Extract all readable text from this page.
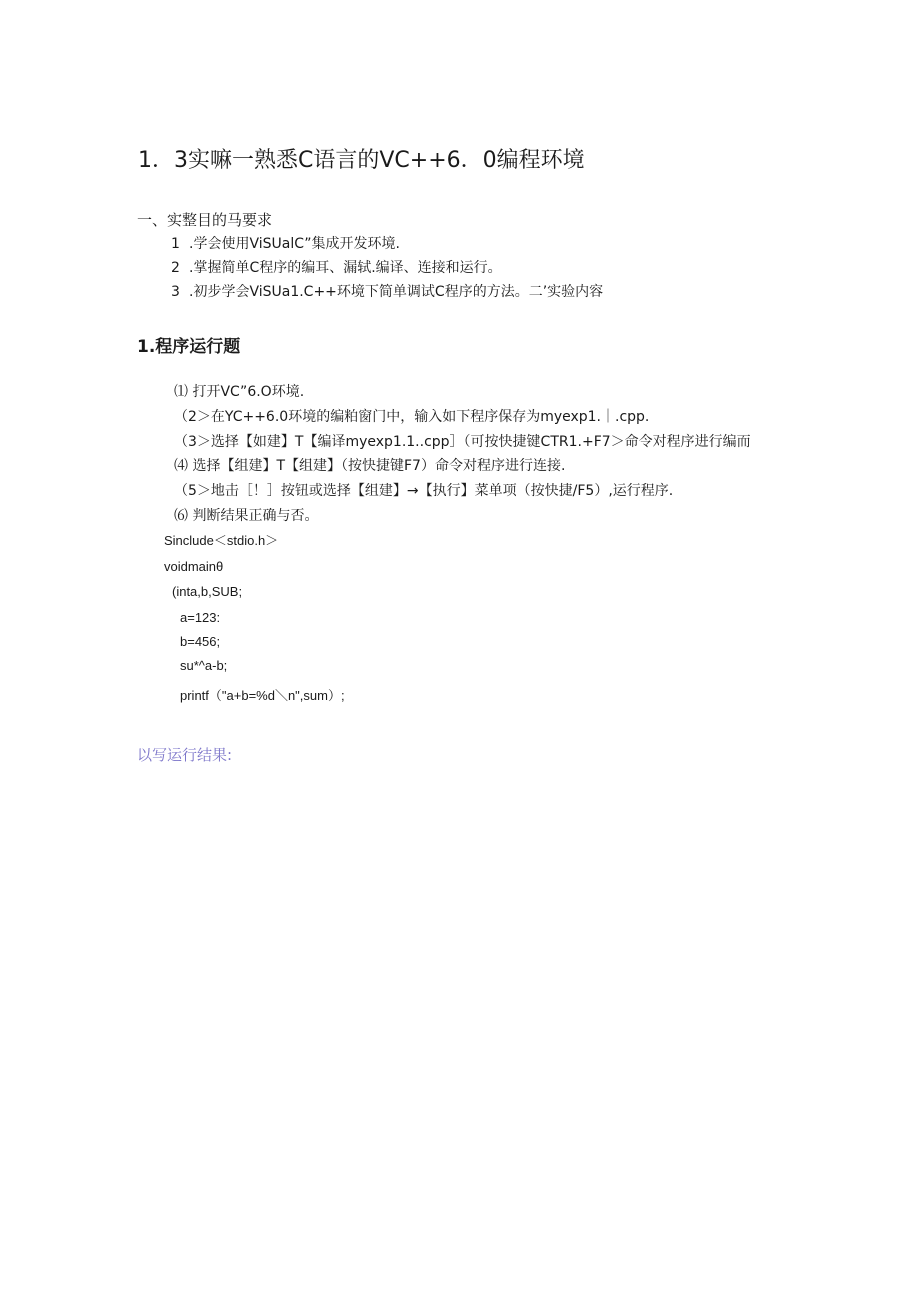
1．3实嘛一熟悉C语言的VC++6．0编程环境
一、实整目的马要求
1 .学会使用ViSUalC”集成开发环境.
2 .掌握简单C程序的编耳、漏轼.编译、连接和运行。
3 .初步学会ViSUa1.C++环境下简单调试C程序的方法。二’实验内容
1.程序运行题
⑴ 打开VC”6.O环境.
（2＞在YC++6.0环境的编粕窗门中，输入如下程序保存为myexp1.｜.cpp.
（3＞选择【如建】T【编译myexp1.1..cpp］（可按快捷键CTR1.+F7＞命令对程序进行编而
⑷ 选择【组建】T【组建】（按快捷键F7）命令对程序进行连接.
（5＞地击［！］按钮或选择【组建】→【执行】菜单项（按快捷/F5）,运行程序.
⑹ 判断结果正确与否。
Sinclude＜stdio.h＞
voidmainθ
(inta,b,SUB;
a=123:
b=456;
su*^a-b;
printf（"a+b=%d＼n",sum）;
以写运行结果:
